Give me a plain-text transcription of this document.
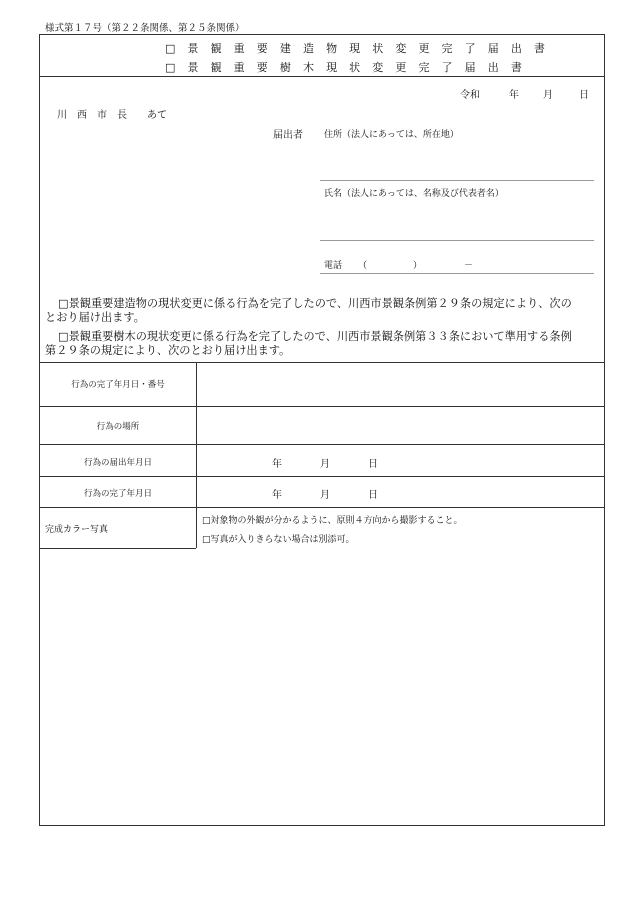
様式第１７号（第２２条関係、第２５条関係）
□ 景 観 重 要 建 造 物 現 状 変 更 完 了 届 出 書
□ 景 観 重 要 樹 木 現 状 変 更 完 了 届 出 書
令和	年 月	日
川　西　市　長　　あて
届出者 住所（法人にあっては、所在地）
氏名（法人にあっては、名称及び代表者名）
電話 （	）	－
□景観重要建造物の現状変更に係る行為を完了したので、川西市景観条例第２９条の規定により、次の
とおり届け出ます。
□景観重要樹木の現状変更に係る行為を完了したので、川西市景観条例第３３条において準用する条例
第２９条の規定により、次のとおり届け出ます。
行為の完了年月日・番号
行為の場所
行為の届出年月日	年	月	日
行為の完了年月日	年	月	日
完成カラー写真
□対象物の外観が分かるように、原則４方向から撮影すること。
□写真が入りきらない場合は別添可。
